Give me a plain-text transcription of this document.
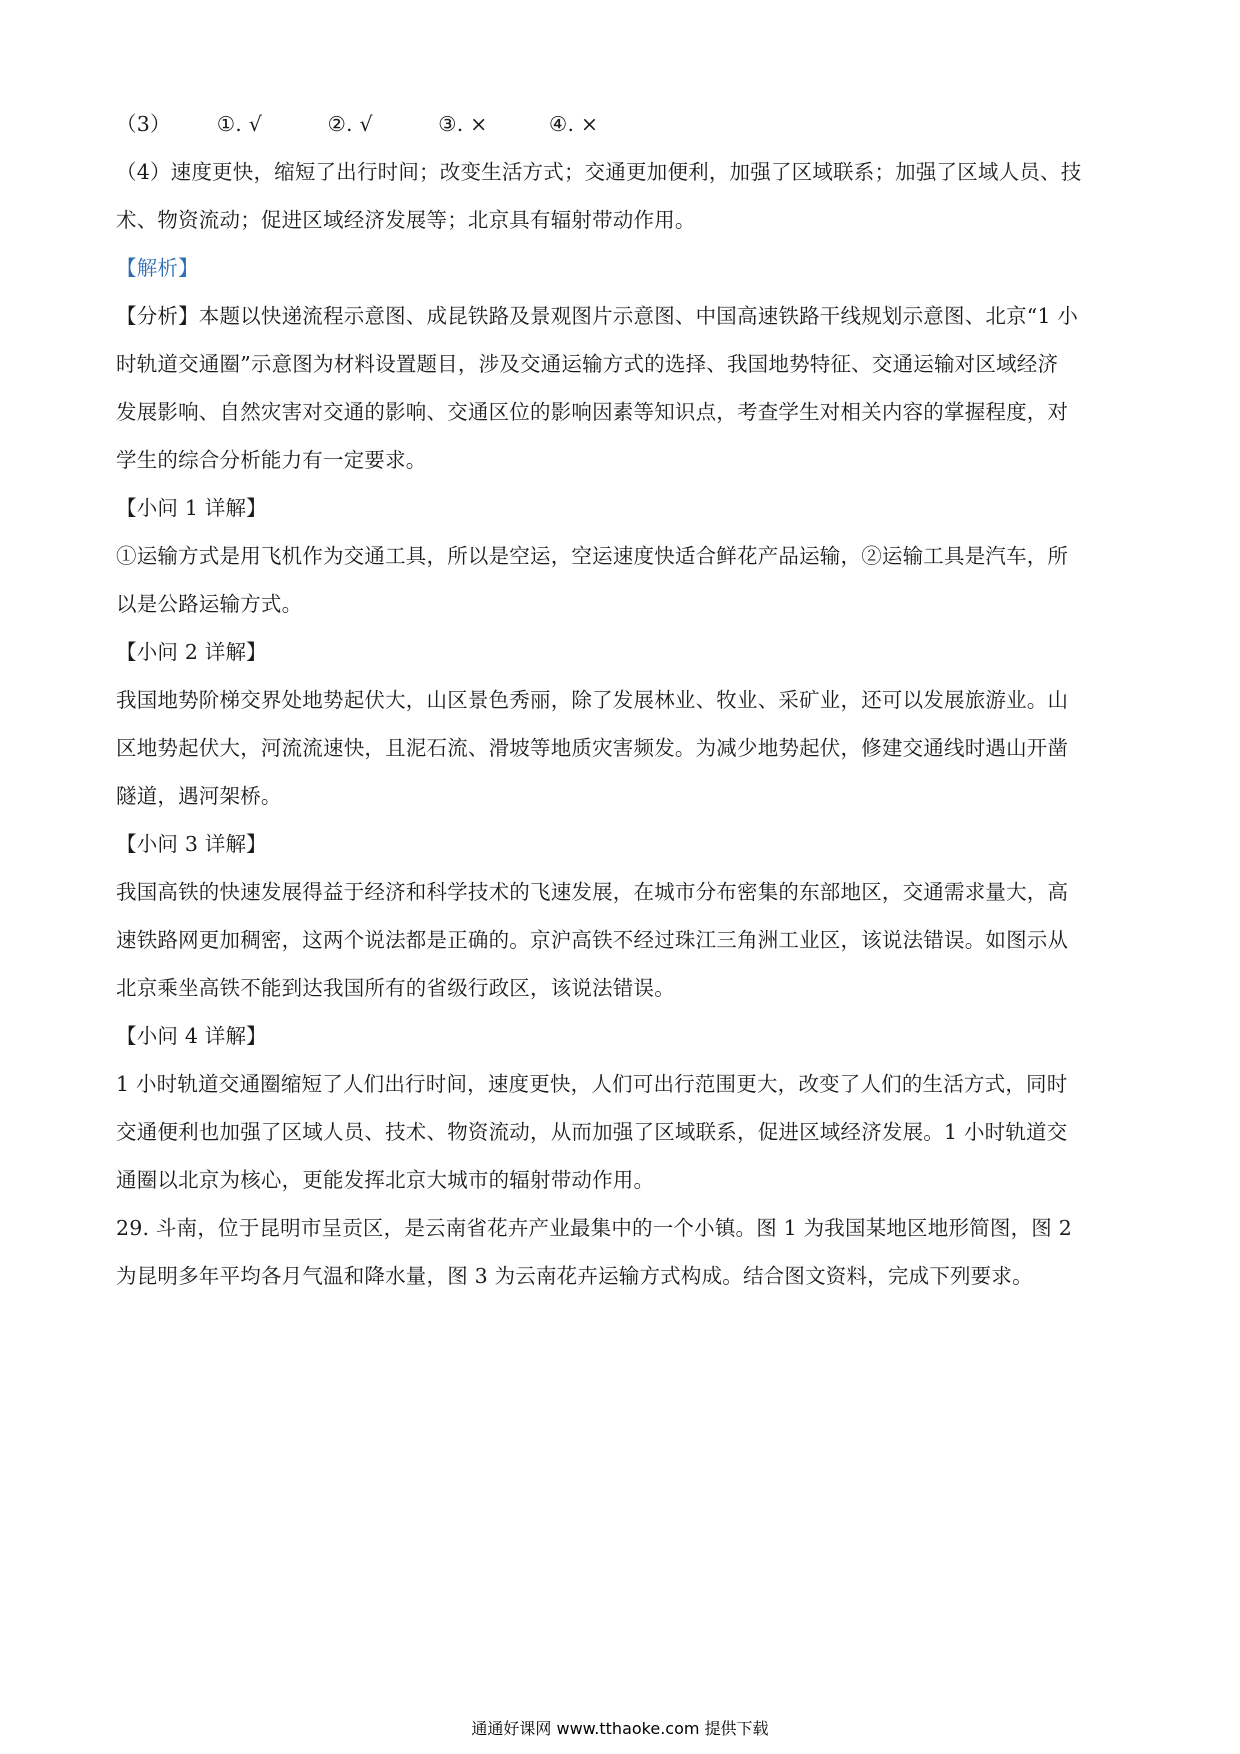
（3） ①. √	②. √	③. ×	④. ×
（4）速度更快，缩短了出行时间；改变生活方式；交通更加便利，加强了区域联系；加强了区域人员、技
术、物资流动；促进区域经济发展等；北京具有辐射带动作用。
【解析】
【分析】本题以快递流程示意图、成昆铁路及景观图片示意图、中国高速铁路干线规划示意图、北京“1 小
时轨道交通圈”示意图为材料设置题目，涉及交通运输方式的选择、我国地势特征、交通运输对区域经济
发展影响、自然灾害对交通的影响、交通区位的影响因素等知识点，考查学生对相关内容的掌握程度，对
学生的综合分析能力有一定要求。
【小问 1 详解】
①运输方式是用飞机作为交通工具，所以是空运，空运速度快适合鲜花产品运输，②运输工具是汽车，所
以是公路运输方式。
【小问 2 详解】
我国地势阶梯交界处地势起伏大，山区景色秀丽，除了发展林业、牧业、采矿业，还可以发展旅游业。山
区地势起伏大，河流流速快，且泥石流、滑坡等地质灾害频发。为减少地势起伏，修建交通线时遇山开凿
隧道，遇河架桥。
【小问 3 详解】
我国高铁的快速发展得益于经济和科学技术的飞速发展，在城市分布密集的东部地区，交通需求量大，高
速铁路网更加稠密，这两个说法都是正确的。京沪高铁不经过珠江三角洲工业区，该说法错误。如图示从
北京乘坐高铁不能到达我国所有的省级行政区，该说法错误。
【小问 4 详解】
1 小时轨道交通圈缩短了人们出行时间，速度更快，人们可出行范围更大，改变了人们的生活方式，同时
交通便利也加强了区域人员、技术、物资流动，从而加强了区域联系，促进区域经济发展。1 小时轨道交
通圈以北京为核心，更能发挥北京大城市的辐射带动作用。
29. 斗南，位于昆明市呈贡区，是云南省花卉产业最集中的一个小镇。图 1 为我国某地区地形简图，图 2
为昆明多年平均各月气温和降水量，图 3 为云南花卉运输方式构成。结合图文资料，完成下列要求。
通通好课网 www.tthaoke.com 提供下载
